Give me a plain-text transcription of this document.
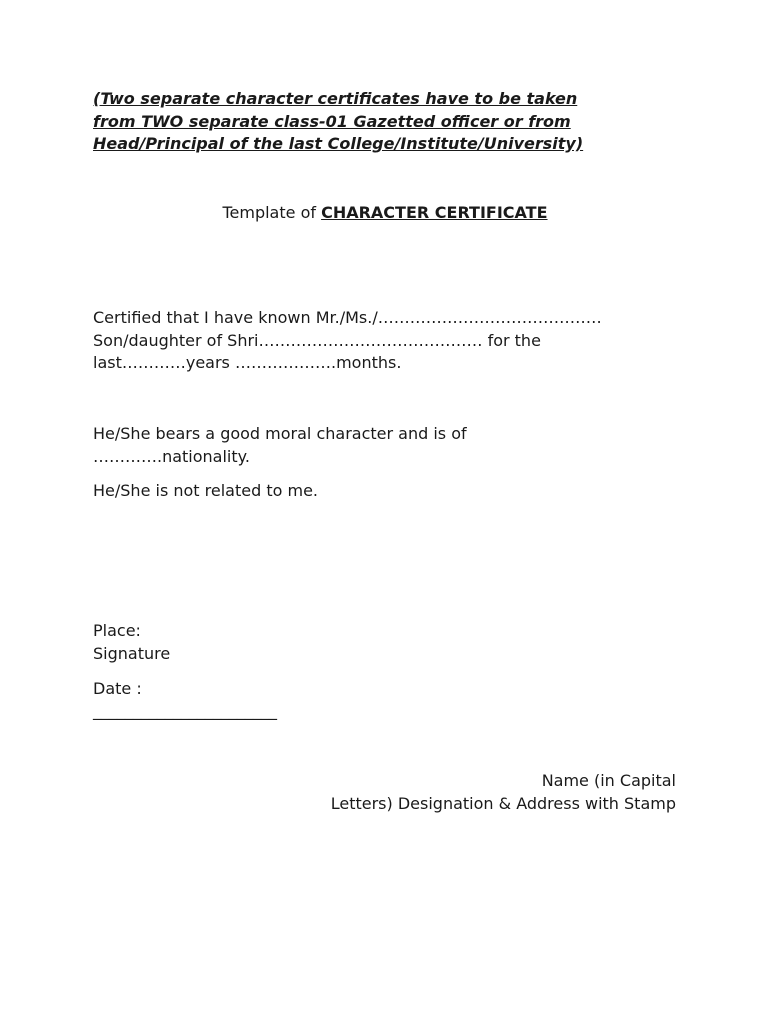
(Two separate character certificates have to be taken
from TWO separate class-01 Gazetted officer or from
Head/Principal of the last College/Institute/University)
Template of CHARACTER CERTIFICATE
Certified that I have known Mr./Ms./……………………………………
Son/daughter of Shri…………………………………… for the
last…………years ……………….months.
He/She bears a good moral character and is of
………….nationality.
He/She is not related to me.
Place:
Signature
Date :
_______________________
Name (in Capital
Letters) Designation & Address with Stamp
